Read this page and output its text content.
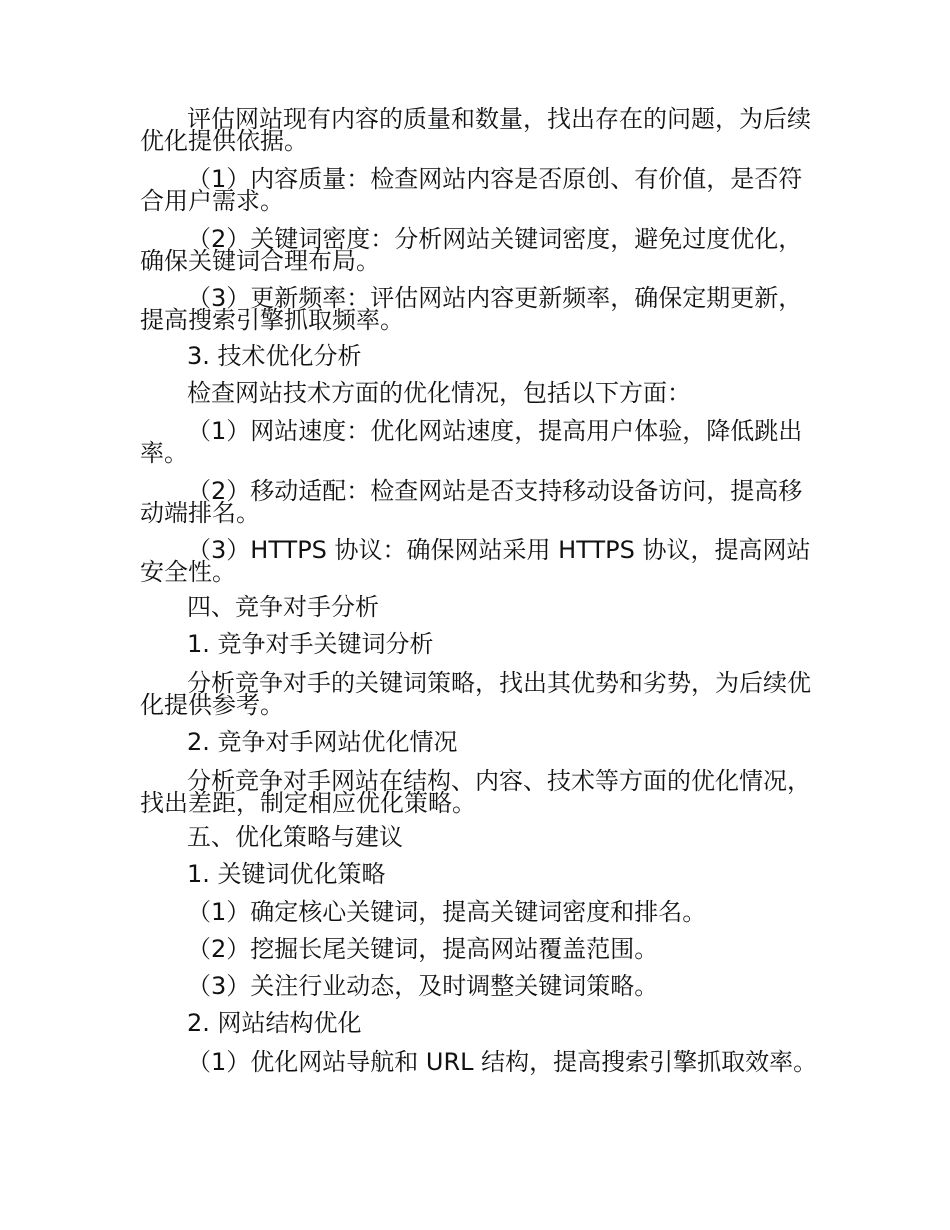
评估网站现有内容的质量和数量，找出存在的问题，为后续优化提供依据。

（1）内容质量：检查网站内容是否原创、有价值，是否符合用户需求。

（2）关键词密度：分析网站关键词密度，避免过度优化，确保关键词合理布局。

（3）更新频率：评估网站内容更新频率，确保定期更新，提高搜索引擎抓取频率。

3. 技术优化分析

检查网站技术方面的优化情况，包括以下方面：

（1）网站速度：优化网站速度，提高用户体验，降低跳出率。

（2）移动适配：检查网站是否支持移动设备访问，提高移动端排名。

（3）HTTPS 协议：确保网站采用 HTTPS 协议，提高网站安全性。

四、竞争对手分析

1. 竞争对手关键词分析

分析竞争对手的关键词策略，找出其优势和劣势，为后续优化提供参考。

2. 竞争对手网站优化情况

分析竞争对手网站在结构、内容、技术等方面的优化情况，找出差距，制定相应优化策略。

五、优化策略与建议

1. 关键词优化策略

（1）确定核心关键词，提高关键词密度和排名。

（2）挖掘长尾关键词，提高网站覆盖范围。

（3）关注行业动态，及时调整关键词策略。

2. 网站结构优化

（1）优化网站导航和 URL 结构，提高搜索引擎抓取效率。
